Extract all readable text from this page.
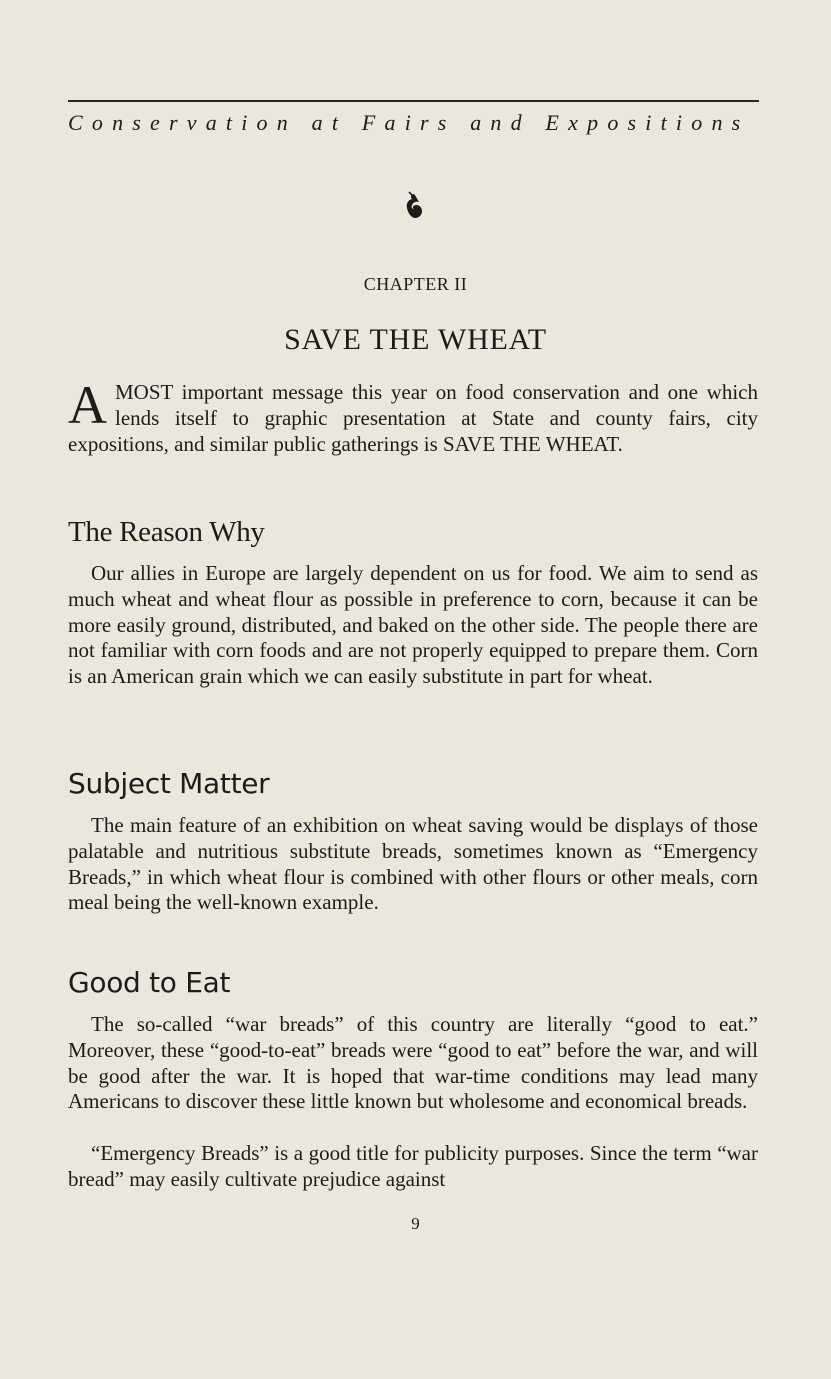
Conservation at Fairs and Expositions
CHAPTER II
SAVE THE WHEAT

AMOST important message this year on food conservation and one which lends itself to graphic presentation at State and county fairs, city expositions, and similar public gatherings is SAVE THE WHEAT.

The Reason Why

Our allies in Europe are largely dependent on us for food. We aim to send as much wheat and wheat flour as possible in preference to corn, because it can be more easily ground, distributed, and baked on the other side. The people there are not familiar with corn foods and are not properly equipped to prepare them. Corn is an American grain which we can easily substitute in part for wheat.

Subject Matter

The main feature of an exhibition on wheat saving would be displays of those palatable and nutritious substitute breads, sometimes known as “Emergency Breads,” in which wheat flour is combined with other flours or other meals, corn meal being the well-known example.

Good to Eat

The so-called “war breads” of this country are literally “good to eat.” Moreover, these “good-to-eat” breads were “good to eat” before the war, and will be good after the war. It is hoped that war-time conditions may lead many Americans to discover these little known but wholesome and economical breads.

“Emergency Breads” is a good title for publicity purposes. Since the term “war bread” may easily cultivate prejudice against

9
